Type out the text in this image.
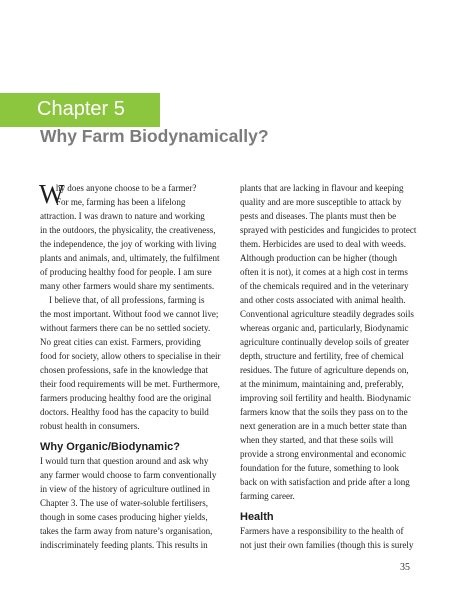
Chapter 5
Why Farm Biodynamically?
W
hy does anyone choose to be a farmer?
For me, farming has been a lifelong
attraction. I was drawn to nature and working
in the outdoors, the physicality, the creativeness,
the independence, the joy of working with living
plants and animals, and, ultimately, the fulfilment
of producing healthy food for people. I am sure
many other farmers would share my sentiments.
I believe that, of all professions, farming is
the most important. Without food we cannot live;
without farmers there can be no settled society.
No great cities can exist. Farmers, providing
food for society, allow others to specialise in their
chosen professions, safe in the knowledge that
their food requirements will be met. Furthermore,
farmers producing healthy food are the original
doctors. Healthy food has the capacity to build
robust health in consumers.
Why Organic/Biodynamic?
I would turn that question around and ask why
any farmer would choose to farm conventionally
in view of the history of agriculture outlined in
Chapter 3. The use of water-soluble fertilisers,
though in some cases producing higher yields,
takes the farm away from nature’s organisation,
indiscriminately feeding plants. This results in
plants that are lacking in flavour and keeping
quality and are more susceptible to attack by
pests and diseases. The plants must then be
sprayed with pesticides and fungicides to protect
them. Herbicides are used to deal with weeds.
Although production can be higher (though
often it is not), it comes at a high cost in terms
of the chemicals required and in the veterinary
and other costs associated with animal health.
Conventional agriculture steadily degrades soils
whereas organic and, particularly, Biodynamic
agriculture continually develop soils of greater
depth, structure and fertility, free of chemical
residues. The future of agriculture depends on,
at the minimum, maintaining and, preferably,
improving soil fertility and health. Biodynamic
farmers know that the soils they pass on to the
next generation are in a much better state than
when they started, and that these soils will
provide a strong environmental and economic
foundation for the future, something to look
back on with satisfaction and pride after a long
farming career.
Health
Farmers have a responsibility to the health of
not just their own families (though this is surely
35
